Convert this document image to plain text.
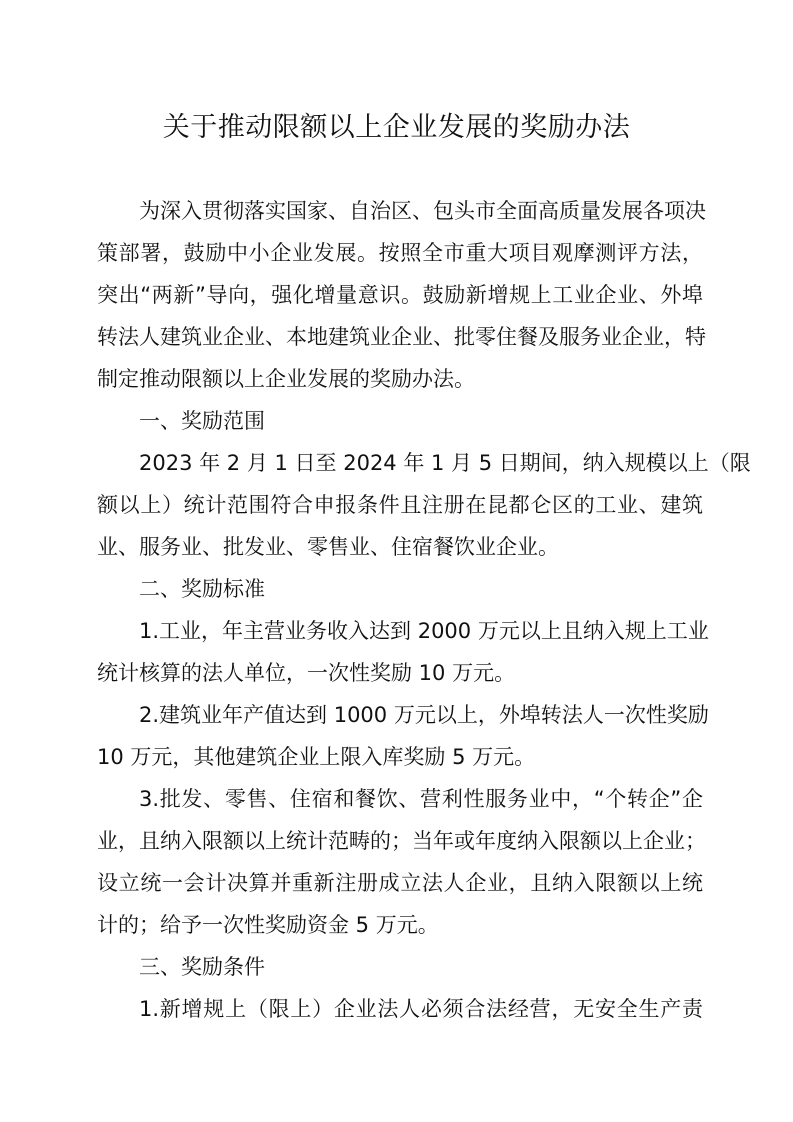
关于推动限额以上企业发展的奖励办法
为深入贯彻落实国家、自治区、包头市全面高质量发展各项决
策部署，鼓励中小企业发展。按照全市重大项目观摩测评方法，
突出“两新”导向，强化增量意识。鼓励新增规上工业企业、外埠
转法人建筑业企业、本地建筑业企业、批零住餐及服务业企业，特
制定推动限额以上企业发展的奖励办法。
一、奖励范围
2023 年 2 月 1 日至 2024 年 1 月 5 日期间，纳入规模以上（限
额以上）统计范围符合申报条件且注册在昆都仑区的工业、建筑
业、服务业、批发业、零售业、住宿餐饮业企业。
二、奖励标准
1.工业，年主营业务收入达到 2000 万元以上且纳入规上工业
统计核算的法人单位，一次性奖励 10 万元。
2.建筑业年产值达到 1000 万元以上，外埠转法人一次性奖励
10 万元，其他建筑企业上限入库奖励 5 万元。
3.批发、零售、住宿和餐饮、营利性服务业中，“个转企”企
业，且纳入限额以上统计范畴的；当年或年度纳入限额以上企业；
设立统一会计决算并重新注册成立法人企业，且纳入限额以上统
计的；给予一次性奖励资金 5 万元。
三、奖励条件
1.新增规上（限上）企业法人必须合法经营，无安全生产责
